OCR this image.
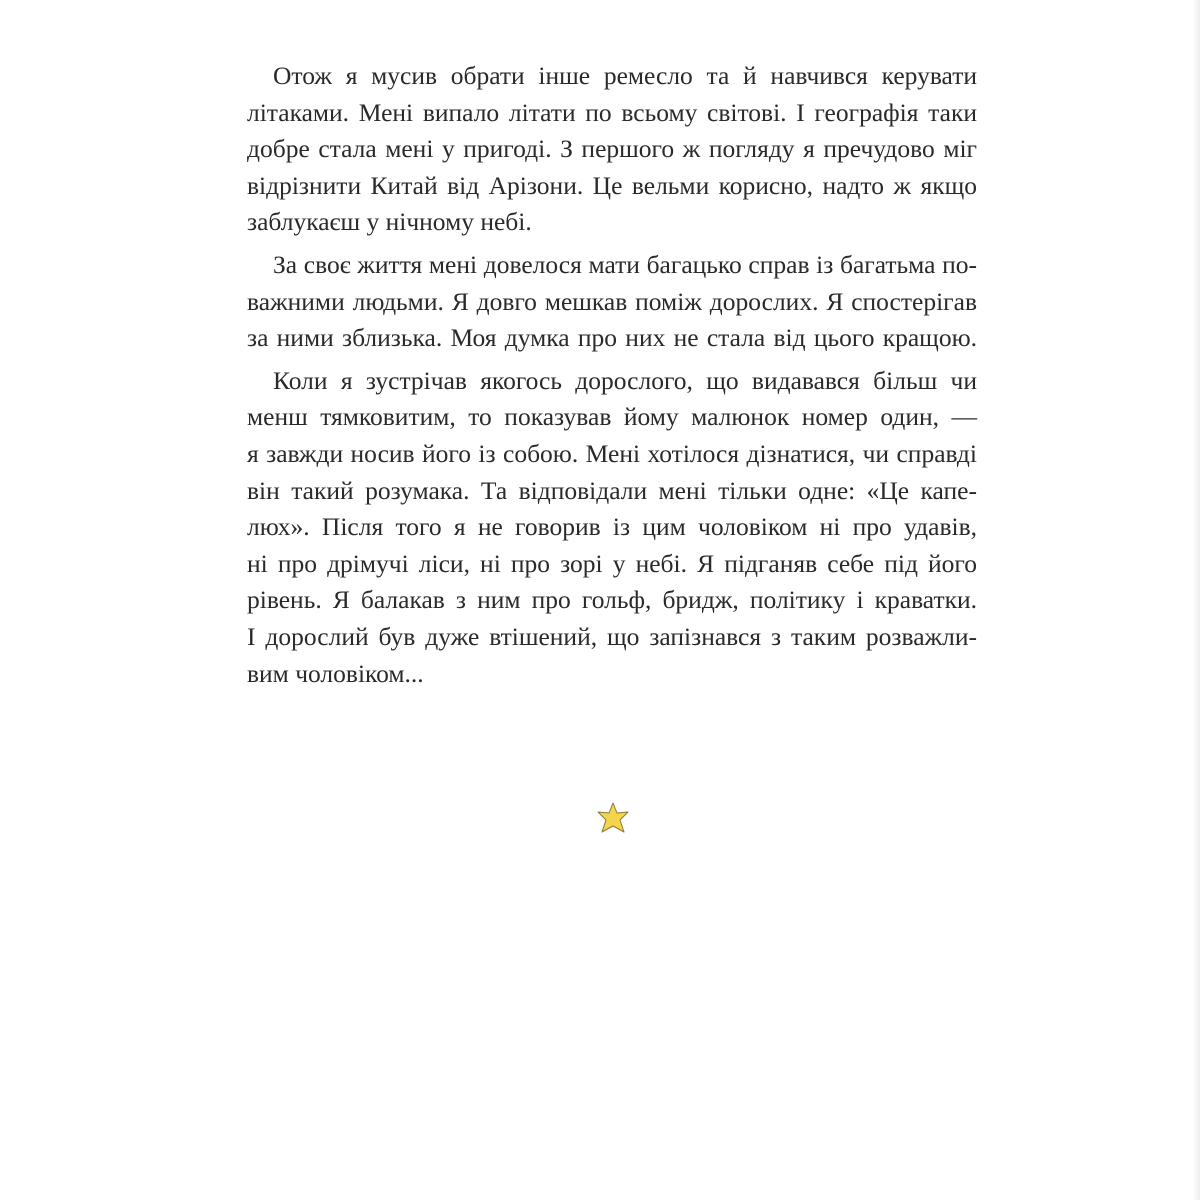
Отож я мусив обрати інше ремесло та й навчився керувати
літаками. Мені випало літати по всьому світові. І географія таки
добре стала мені у пригоді. З першого ж погляду я пречудово міг
відрізнити Китай від Арізони. Це вельми корисно, надто ж якщо
заблукаєш у нічному небі.
За своє життя мені довелося мати багацько справ із багатьма по-
важними людьми. Я довго мешкав поміж дорослих. Я спостерігав
за ними зблизька. Моя думка про них не стала від цього кращою.
Коли я зустрічав якогось дорослого, що видавався більш чи
менш тямковитим, то показував йому малюнок номер один, —
я завжди носив його із собою. Мені хотілося дізнатися, чи справді
він такий розумака. Та відповідали мені тільки одне: «Це капе-
люх». Після того я не говорив із цим чоловіком ні про удавів,
ні про дрімучі ліси, ні про зорі у небі. Я підганяв себе під його
рівень. Я балакав з ним про гольф, бридж, політику і краватки.
І дорослий був дуже втішений, що запізнався з таким розважли-
вим чоловіком...
